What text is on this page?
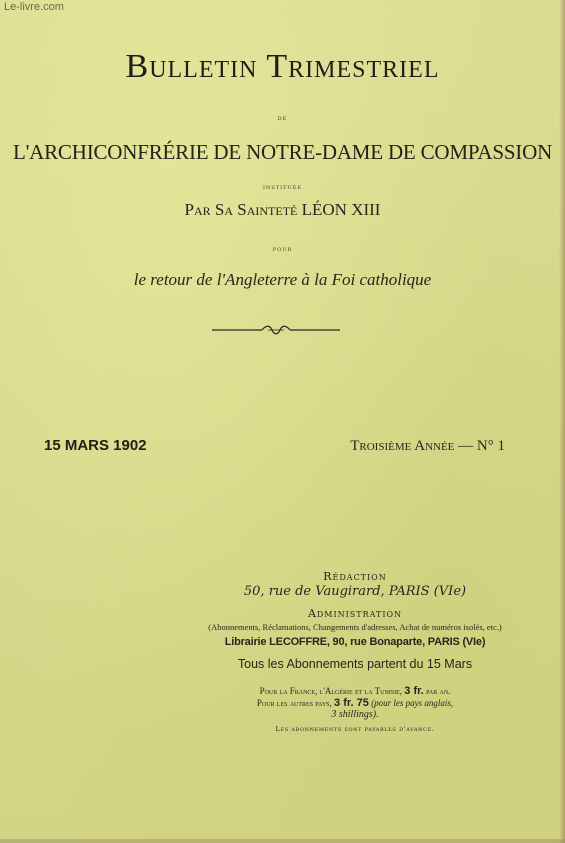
Le-livre.com
Bulletin Trimestriel
de
L'ARCHICONFRÉRIE DE NOTRE-DAME DE COMPASSION
instituée
Par Sa Sainteté LÉON XIII
pour
le retour de l'Angleterre à la Foi catholique
15 MARS 1902	Troisième Année — N° 1
Rédaction
50, rue de Vaugirard, PARIS (VIe)
Administration
(Abonnements, Réclamations, Changements d'adresses, Achat de numéros isolés, etc.)
Librairie LECOFFRE, 90, rue Bonaparte, PARIS (VIe)
Tous les Abonnements partent du 15 Mars
Pour la France, l'Algérie et la Tunisie, 3 fr. par an.
Pour les autres pays, 3 fr. 75 (pour les pays anglais,
3 shillings).
Les abonnements sont payables d'avance.
